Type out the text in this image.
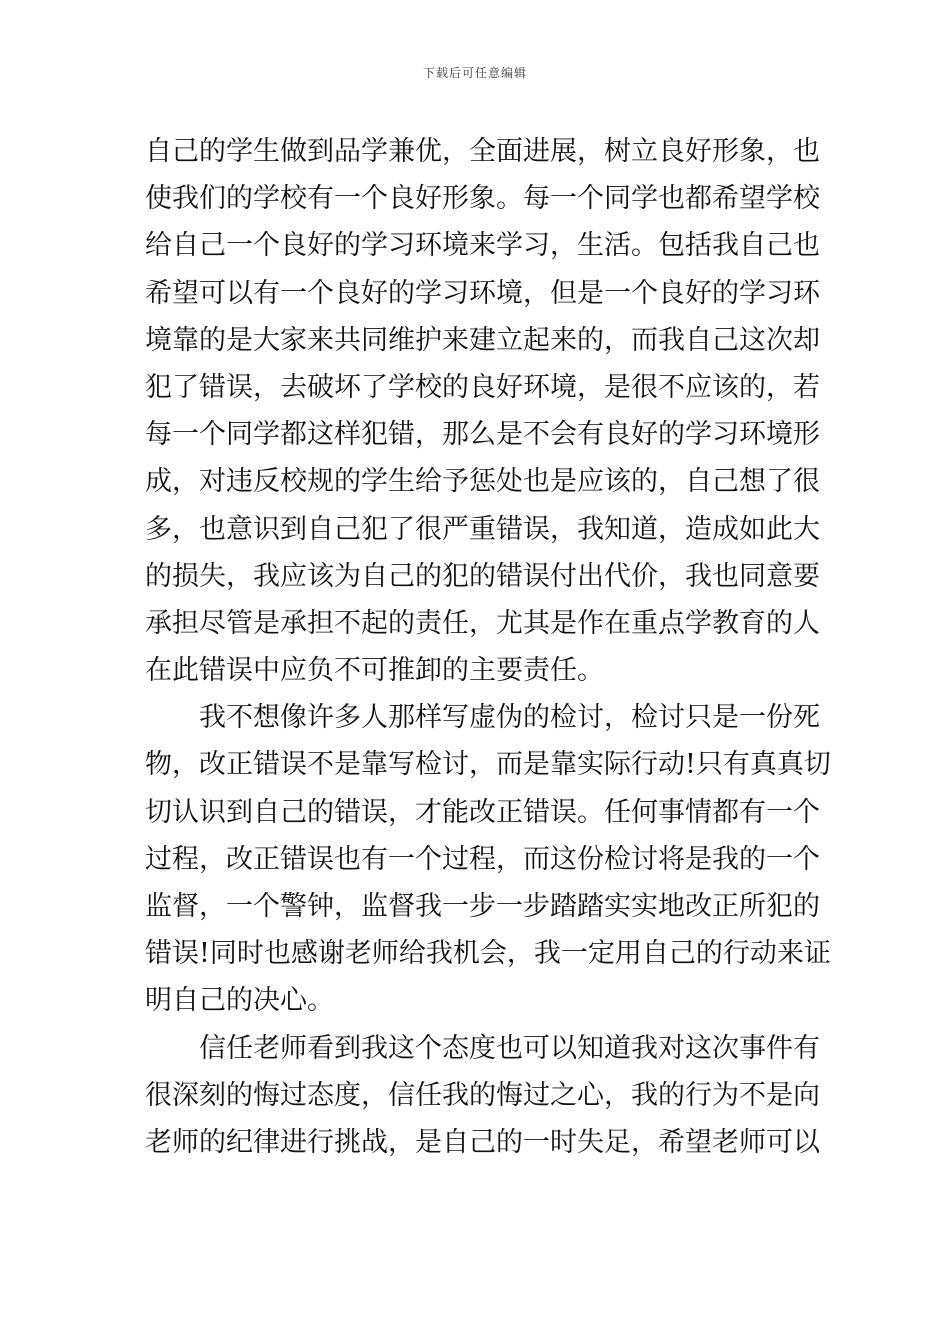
下载后可任意编辑
自己的学生做到品学兼优，全面进展，树立良好形象，也
使我们的学校有一个良好形象。每一个同学也都希望学校
给自己一个良好的学习环境来学习，生活。包括我自己也
希望可以有一个良好的学习环境，但是一个良好的学习环
境靠的是大家来共同维护来建立起来的，而我自己这次却
犯了错误，去破坏了学校的良好环境，是很不应该的，若
每一个同学都这样犯错，那么是不会有良好的学习环境形
成，对违反校规的学生给予惩处也是应该的，自己想了很
多，也意识到自己犯了很严重错误，我知道，造成如此大
的损失，我应该为自己的犯的错误付出代价，我也同意要
承担尽管是承担不起的责任，尤其是作在重点学教育的人
在此错误中应负不可推卸的主要责任。
我不想像许多人那样写虚伪的检讨，检讨只是一份死
物，改正错误不是靠写检讨，而是靠实际行动!只有真真切
切认识到自己的错误，才能改正错误。任何事情都有一个
过程，改正错误也有一个过程，而这份检讨将是我的一个
监督，一个警钟，监督我一步一步踏踏实实地改正所犯的
错误!同时也感谢老师给我机会，我一定用自己的行动来证
明自己的决心。
信任老师看到我这个态度也可以知道我对这次事件有
很深刻的悔过态度，信任我的悔过之心，我的行为不是向
老师的纪律进行挑战，是自己的一时失足，希望老师可以
